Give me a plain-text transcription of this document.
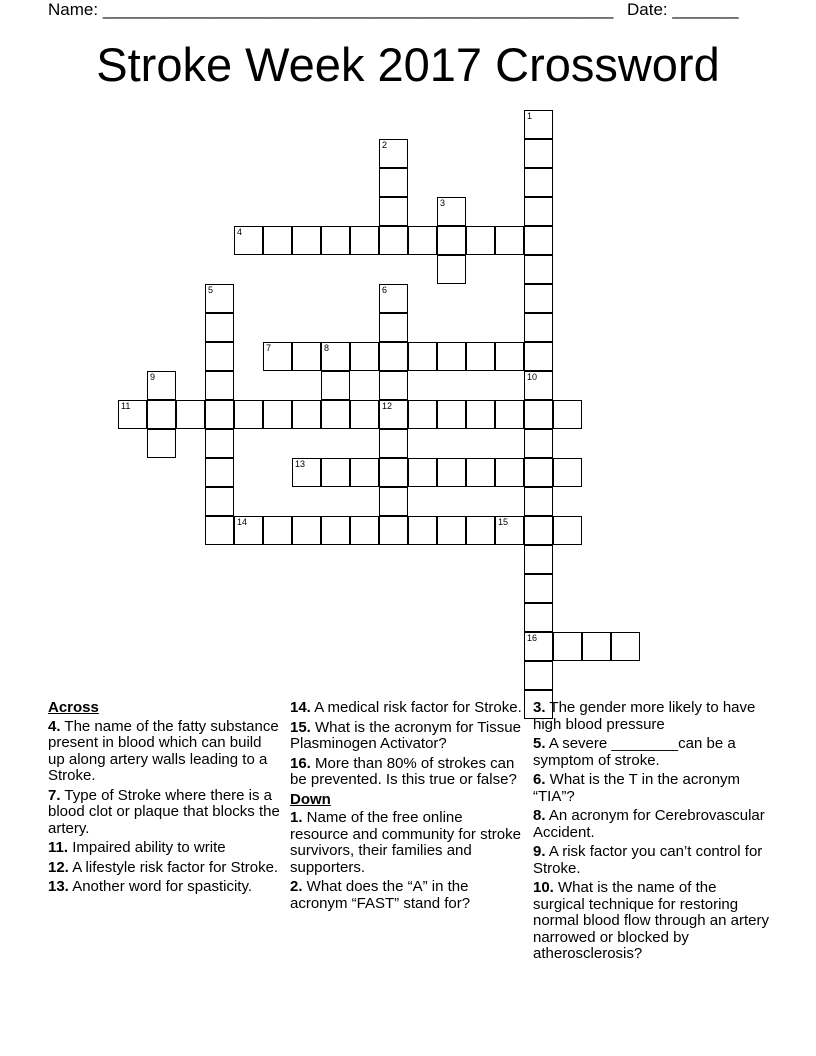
Name: ______________________________________________________ Date: _______
Stroke Week 2017 Crossword
1
10
16
2
3
4
5	6
12
7	8
9
11
13
14	15
Across
4. The name of the fatty substance present in blood which can build up along artery walls leading to a Stroke.
7. Type of Stroke where there is a blood clot or plaque that blocks the artery.
11. Impaired ability to write
12. A lifestyle risk factor for Stroke.
13. Another word for spasticity.
14. A medical risk factor for Stroke.
15. What is the acronym for Tissue Plasminogen Activator?
16. More than 80% of strokes can be prevented. Is this true or false?
Down
1. Name of the free online resource and community for stroke survivors, their families and supporters.
2. What does the “A” in the acronym “FAST” stand for?
3. The gender more likely to have high blood pressure
5. A severe ________can be a symptom of stroke.
6. What is the T in the acronym “TIA”?
8. An acronym for Cerebrovascular Accident.
9. A risk factor you can’t control for Stroke.
10. What is the name of the surgical technique for restoring normal blood flow through an artery narrowed or blocked by atherosclerosis?
